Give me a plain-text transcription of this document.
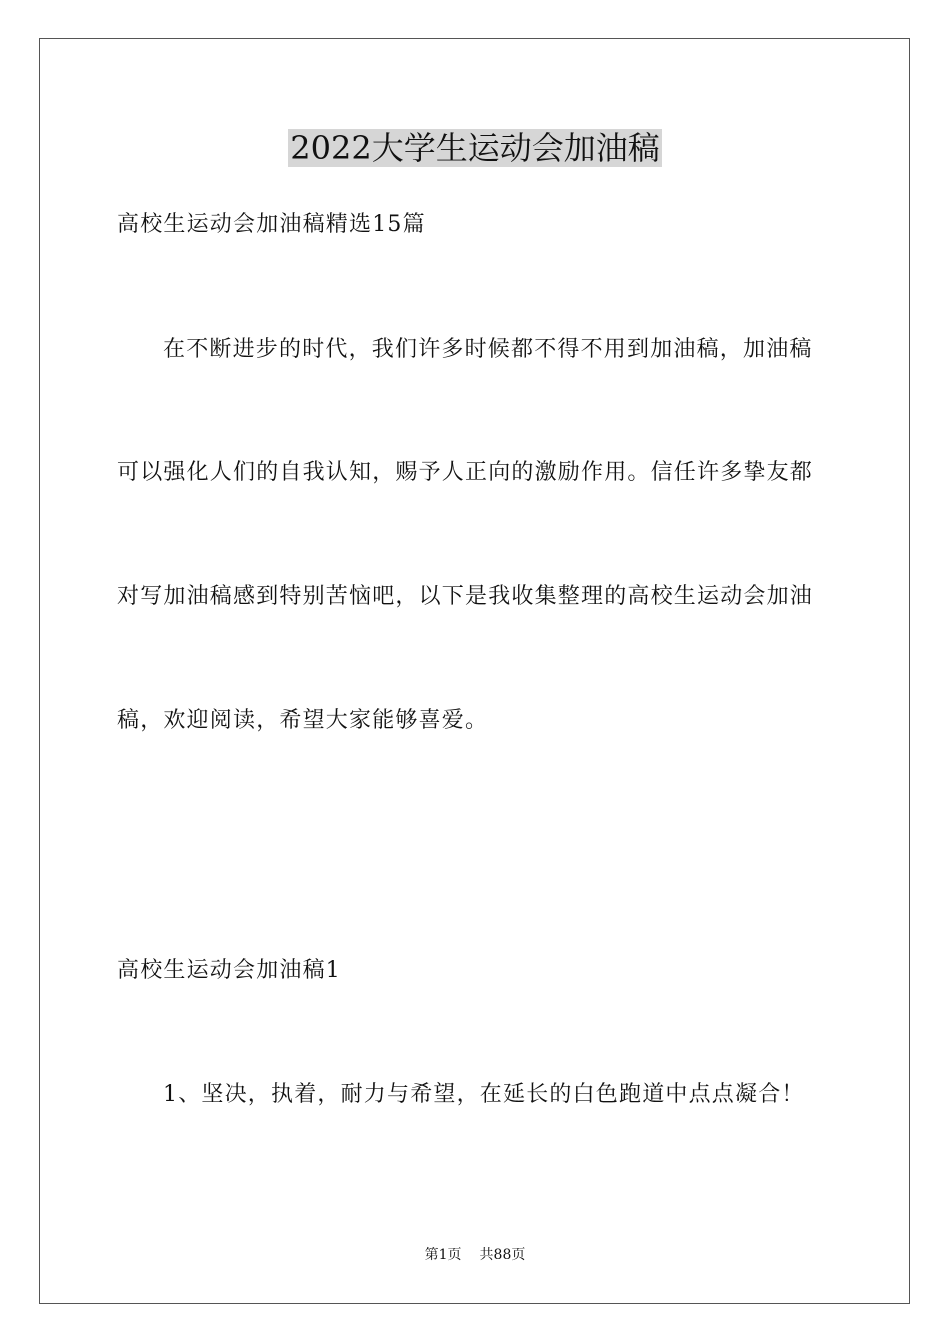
2022大学生运动会加油稿

高校生运动会加油稿精选15篇

在不断进步的时代，我们许多时候都不得不用到加油稿，加油稿

可以强化人们的自我认知，赐予人正向的激励作用。信任许多挚友都

对写加油稿感到特别苦恼吧，以下是我收集整理的高校生运动会加油

稿，欢迎阅读，希望大家能够喜爱。

高校生运动会加油稿1

1、坚决，执着，耐力与希望，在延长的白色跑道中点点凝合！

第1页 共88页
